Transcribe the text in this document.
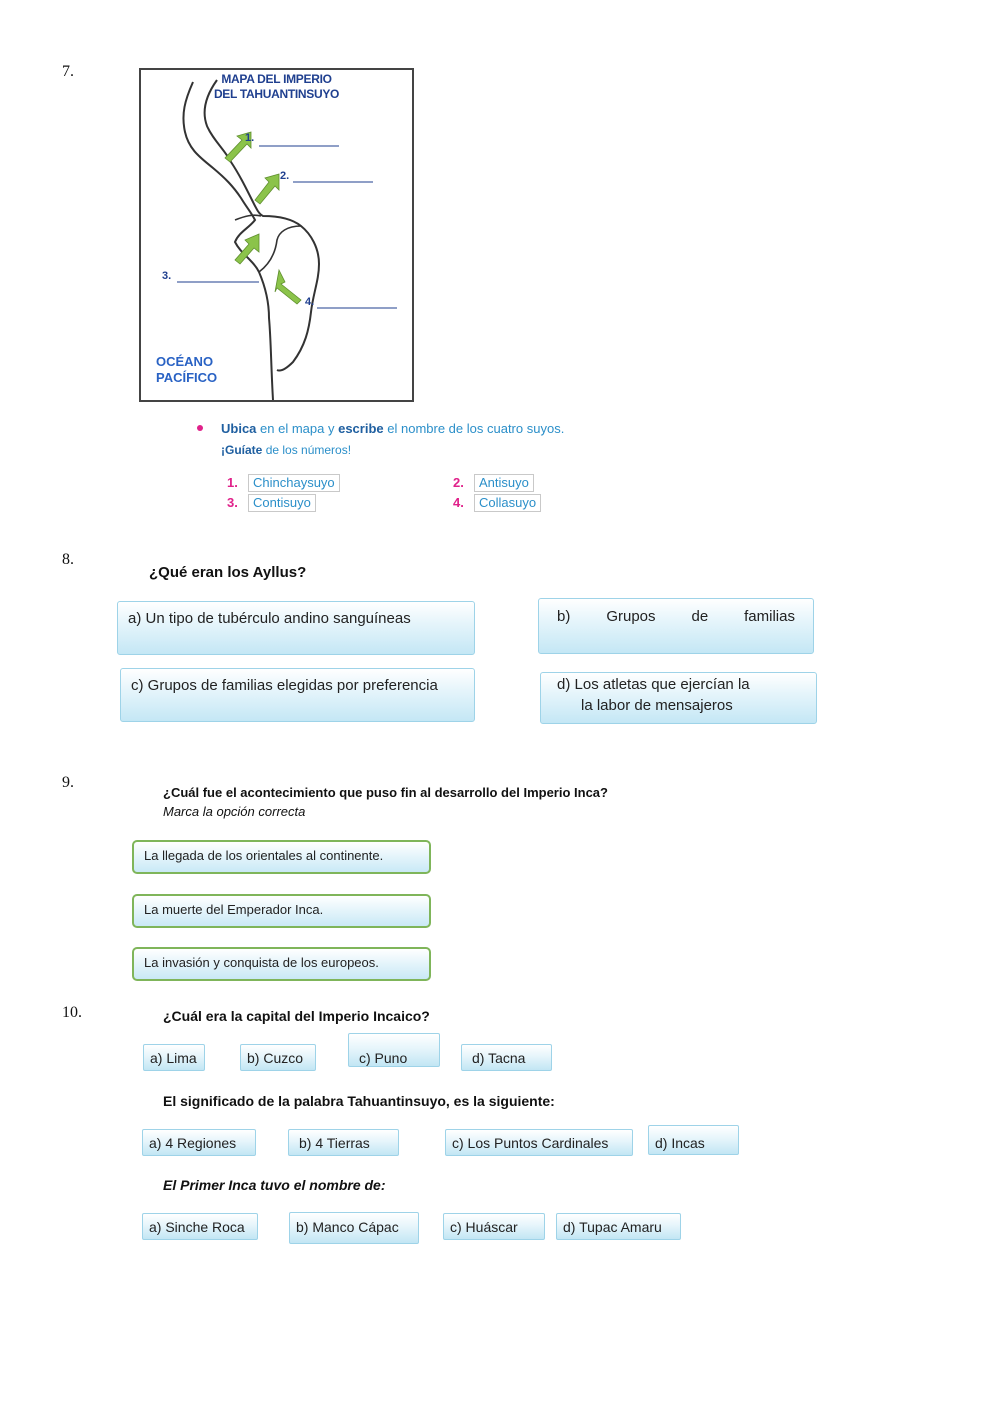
7.	MAPA DEL IMPERIO
DEL TAHUANTINSUYO
1.
2.
3.
4.
OCÉANO
PACÍFICO
Ubica en el mapa y escribe el nombre de los cuatro suyos.
¡Guíate de los números!
1.	Chinchaysuyo	2.	Antisuyo
3.	Contisuyo	4.	Collasuyo
8.
¿Qué eran los Ayllus?
a) Un tipo de tubérculo andino sanguíneas	b) Grupos de familias
c) Grupos de familias elegidas por preferencia	d) Los atletas que ejercían la
la labor de mensajeros
9.
¿Cuál fue el acontecimiento que puso fin al desarrollo del Imperio Inca?
Marca la opción correcta
La llegada de los orientales al continente.
La muerte del Emperador Inca.
La invasión y conquista de los europeos.
10.	¿Cuál era la capital del Imperio Incaico?
a) Lima	b) Cuzco	c) Puno	d) Tacna
El significado de la palabra Tahuantinsuyo, es la siguiente:
a) 4 Regiones	b) 4 Tierras	c) Los Puntos Cardinales	d) Incas
El Primer Inca tuvo el nombre de:
a) Sinche Roca	b) Manco Cápac	c) Huáscar	d) Tupac Amaru
